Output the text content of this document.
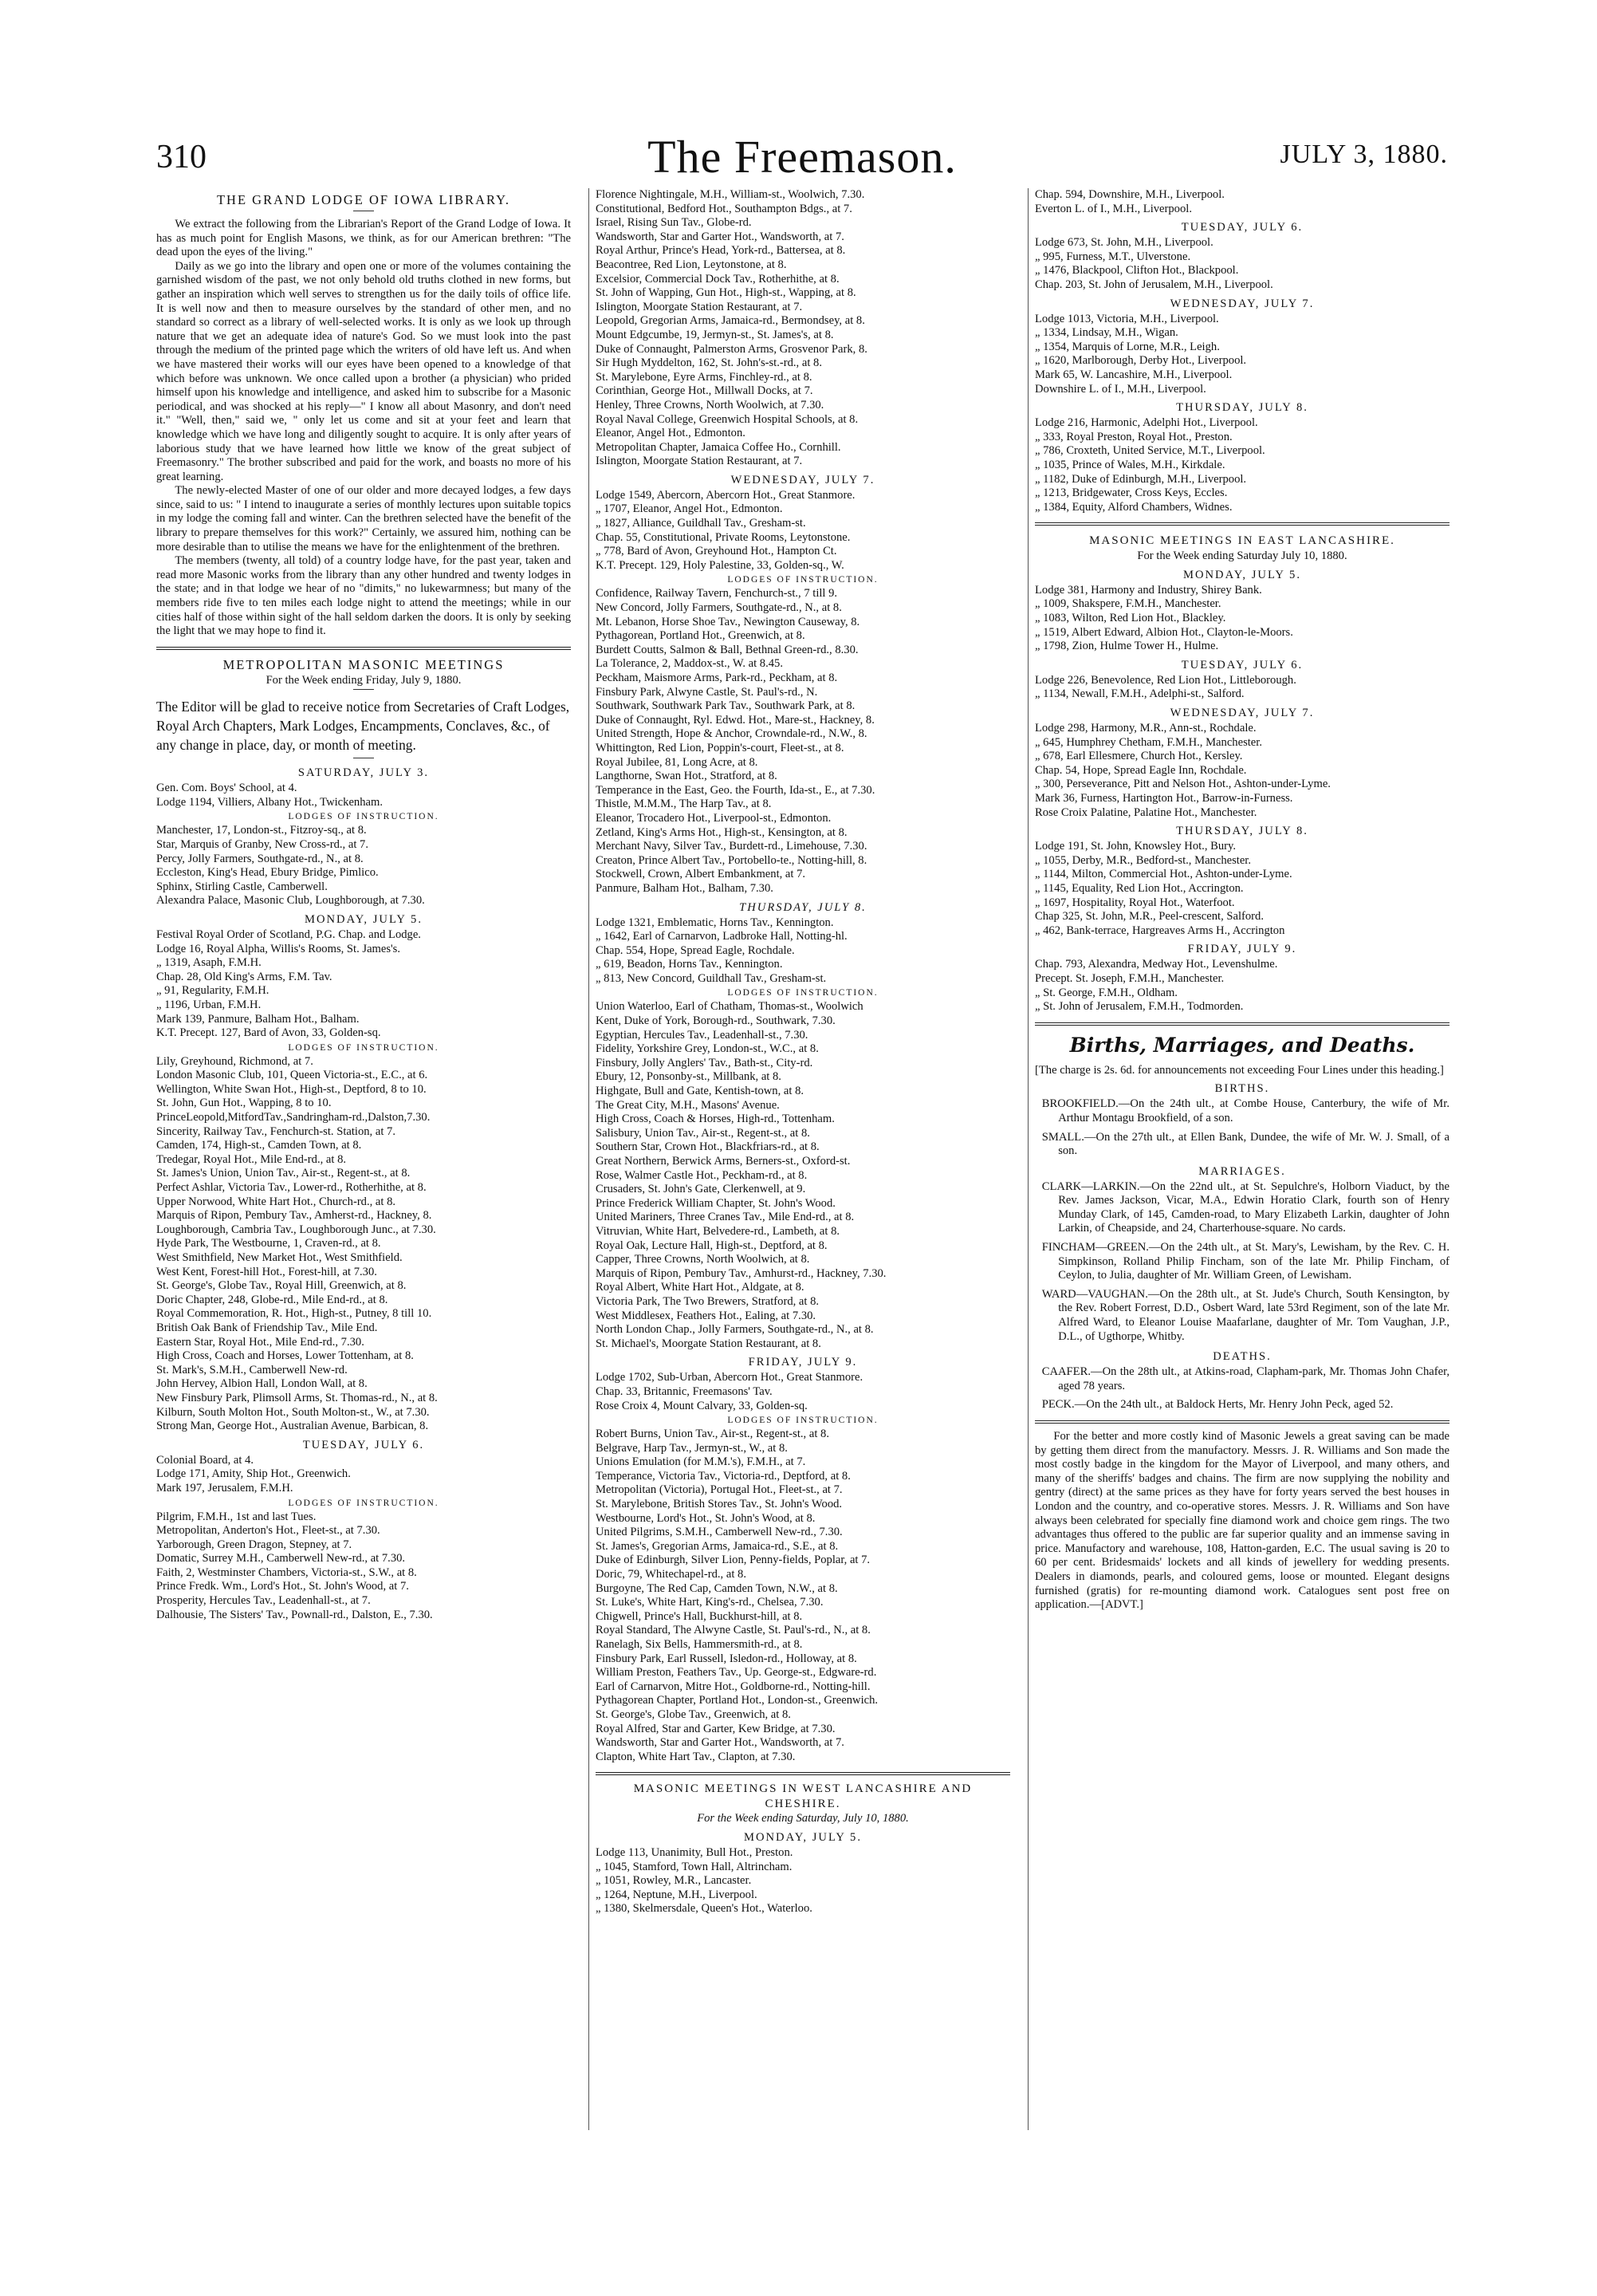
310	The Freemason.	JULY 3, 1880.
THE GRAND LODGE OF IOWA LIBRARY.

We extract the following from the Librarian's Report of the Grand Lodge of Iowa. It has as much point for English Masons, we think, as for our American brethren: "The dead upon the eyes of the living."

Daily as we go into the library and open one or more of the volumes containing the garnished wisdom of the past, we not only behold old truths clothed in new forms, but gather an inspiration which well serves to strengthen us for the daily toils of office life. It is well now and then to measure ourselves by the standard of other men, and no standard so correct as a library of well-selected works. It is only as we look up through nature that we get an adequate idea of nature's God. So we must look into the past through the medium of the printed page which the writers of old have left us. And when we have mastered their works will our eyes have been opened to a knowledge of that which before was unknown. We once called upon a brother (a physician) who prided himself upon his knowledge and intelligence, and asked him to subscribe for a Masonic periodical, and was shocked at his reply—" I know all about Masonry, and don't need it." "Well, then," said we, " only let us come and sit at your feet and learn that knowledge which we have long and diligently sought to acquire. It is only after years of laborious study that we have learned how little we know of the great subject of Freemasonry." The brother subscribed and paid for the work, and boasts no more of his great learning.

The newly-elected Master of one of our older and more decayed lodges, a few days since, said to us: " I intend to inaugurate a series of monthly lectures upon suitable topics in my lodge the coming fall and winter. Can the brethren selected have the benefit of the library to prepare themselves for this work?" Certainly, we assured him, nothing can be more desirable than to utilise the means we have for the enlightenment of the brethren.

The members (twenty, all told) of a country lodge have, for the past year, taken and read more Masonic works from the library than any other hundred and twenty lodges in the state; and in that lodge we hear of no "dimits," no lukewarmness; but many of the members ride five to ten miles each lodge night to attend the meetings; while in our cities half of those within sight of the hall seldom darken the doors. It is only by seeking the light that we may hope to find it.

METROPOLITAN MASONIC MEETINGS
For the Week ending Friday, July 9, 1880.
The Editor will be glad to receive notice from Secretaries of Craft Lodges, Royal Arch Chapters, Mark Lodges, Encampments, Conclaves, &c., of any change in place, day, or month of meeting.
SATURDAY, JULY 3.
Gen. Com. Boys' School, at 4.
Lodge 1194, Villiers, Albany Hot., Twickenham.
LODGES OF INSTRUCTION.
Manchester, 17, London-st., Fitzroy-sq., at 8.
Star, Marquis of Granby, New Cross-rd., at 7.
Percy, Jolly Farmers, Southgate-rd., N., at 8.
Eccleston, King's Head, Ebury Bridge, Pimlico.
Sphinx, Stirling Castle, Camberwell.
Alexandra Palace, Masonic Club, Loughborough, at 7.30.
MONDAY, JULY 5.
Festival Royal Order of Scotland, P.G. Chap. and Lodge.
Lodge 16, Royal Alpha, Willis's Rooms, St. James's.
„ 1319, Asaph, F.M.H.
Chap. 28, Old King's Arms, F.M. Tav.
„ 91, Regularity, F.M.H.
„ 1196, Urban, F.M.H.
Mark 139, Panmure, Balham Hot., Balham.
K.T. Precept. 127, Bard of Avon, 33, Golden-sq.
LODGES OF INSTRUCTION.
Lily, Greyhound, Richmond, at 7.
London Masonic Club, 101, Queen Victoria-st., E.C., at 6.
Wellington, White Swan Hot., High-st., Deptford, 8 to 10.
St. John, Gun Hot., Wapping, 8 to 10.
PrinceLeopold,MitfordTav.,Sandringham-rd.,Dalston,7.30.
Sincerity, Railway Tav., Fenchurch-st. Station, at 7.
Camden, 174, High-st., Camden Town, at 8.
Tredegar, Royal Hot., Mile End-rd., at 8.
St. James's Union, Union Tav., Air-st., Regent-st., at 8.
Perfect Ashlar, Victoria Tav., Lower-rd., Rotherhithe, at 8.
Upper Norwood, White Hart Hot., Church-rd., at 8.
Marquis of Ripon, Pembury Tav., Amherst-rd., Hackney, 8.
Loughborough, Cambria Tav., Loughborough Junc., at 7.30.
Hyde Park, The Westbourne, 1, Craven-rd., at 8.
West Smithfield, New Market Hot., West Smithfield.
West Kent, Forest-hill Hot., Forest-hill, at 7.30.
St. George's, Globe Tav., Royal Hill, Greenwich, at 8.
Doric Chapter, 248, Globe-rd., Mile End-rd., at 8.
Royal Commemoration, R. Hot., High-st., Putney, 8 till 10.
British Oak Bank of Friendship Tav., Mile End.
Eastern Star, Royal Hot., Mile End-rd., 7.30.
High Cross, Coach and Horses, Lower Tottenham, at 8.
St. Mark's, S.M.H., Camberwell New-rd.
John Hervey, Albion Hall, London Wall, at 8.
New Finsbury Park, Plimsoll Arms, St. Thomas-rd., N., at 8.
Kilburn, South Molton Hot., South Molton-st., W., at 7.30.
Strong Man, George Hot., Australian Avenue, Barbican, 8.
TUESDAY, JULY 6.
Colonial Board, at 4.
Lodge 171, Amity, Ship Hot., Greenwich.
Mark 197, Jerusalem, F.M.H.
LODGES OF INSTRUCTION.
Pilgrim, F.M.H., 1st and last Tues.
Metropolitan, Anderton's Hot., Fleet-st., at 7.30.
Yarborough, Green Dragon, Stepney, at 7.
Domatic, Surrey M.H., Camberwell New-rd., at 7.30.
Faith, 2, Westminster Chambers, Victoria-st., S.W., at 8.
Prince Fredk. Wm., Lord's Hot., St. John's Wood, at 7.
Prosperity, Hercules Tav., Leadenhall-st., at 7.
Dalhousie, The Sisters' Tav., Pownall-rd., Dalston, E., 7.30.
Florence Nightingale, M.H., William-st., Woolwich, 7.30.
Constitutional, Bedford Hot., Southampton Bdgs., at 7.
Israel, Rising Sun Tav., Globe-rd.
Wandsworth, Star and Garter Hot., Wandsworth, at 7.
Royal Arthur, Prince's Head, York-rd., Battersea, at 8.
Beacontree, Red Lion, Leytonstone, at 8.
Excelsior, Commercial Dock Tav., Rotherhithe, at 8.
St. John of Wapping, Gun Hot., High-st., Wapping, at 8.
Islington, Moorgate Station Restaurant, at 7.
Leopold, Gregorian Arms, Jamaica-rd., Bermondsey, at 8.
Mount Edgcumbe, 19, Jermyn-st., St. James's, at 8.
Duke of Connaught, Palmerston Arms, Grosvenor Park, 8.
Sir Hugh Myddelton, 162, St. John's-st.-rd., at 8.
St. Marylebone, Eyre Arms, Finchley-rd., at 8.
Corinthian, George Hot., Millwall Docks, at 7.
Henley, Three Crowns, North Woolwich, at 7.30.
Royal Naval College, Greenwich Hospital Schools, at 8.
Eleanor, Angel Hot., Edmonton.
Metropolitan Chapter, Jamaica Coffee Ho., Cornhill.
Islington, Moorgate Station Restaurant, at 7.
WEDNESDAY, JULY 7.
Lodge 1549, Abercorn, Abercorn Hot., Great Stanmore.
„ 1707, Eleanor, Angel Hot., Edmonton.
„ 1827, Alliance, Guildhall Tav., Gresham-st.
Chap. 55, Constitutional, Private Rooms, Leytonstone.
„ 778, Bard of Avon, Greyhound Hot., Hampton Ct.
K.T. Precept. 129, Holy Palestine, 33, Golden-sq., W.
LODGES OF INSTRUCTION.
Confidence, Railway Tavern, Fenchurch-st., 7 till 9.
New Concord, Jolly Farmers, Southgate-rd., N., at 8.
Mt. Lebanon, Horse Shoe Tav., Newington Causeway, 8.
Pythagorean, Portland Hot., Greenwich, at 8.
Burdett Coutts, Salmon & Ball, Bethnal Green-rd., 8.30.
La Tolerance, 2, Maddox-st., W. at 8.45.
Peckham, Maismore Arms, Park-rd., Peckham, at 8.
Finsbury Park, Alwyne Castle, St. Paul's-rd., N.
Southwark, Southwark Park Tav., Southwark Park, at 8.
Duke of Connaught, Ryl. Edwd. Hot., Mare-st., Hackney, 8.
United Strength, Hope & Anchor, Crowndale-rd., N.W., 8.
Whittington, Red Lion, Poppin's-court, Fleet-st., at 8.
Royal Jubilee, 81, Long Acre, at 8.
Langthorne, Swan Hot., Stratford, at 8.
Temperance in the East, Geo. the Fourth, Ida-st., E., at 7.30.
Thistle, M.M.M., The Harp Tav., at 8.
Eleanor, Trocadero Hot., Liverpool-st., Edmonton.
Zetland, King's Arms Hot., High-st., Kensington, at 8.
Merchant Navy, Silver Tav., Burdett-rd., Limehouse, 7.30.
Creaton, Prince Albert Tav., Portobello-te., Notting-hill, 8.
Stockwell, Crown, Albert Embankment, at 7.
Panmure, Balham Hot., Balham, 7.30.
THURSDAY, JULY 8.
Lodge 1321, Emblematic, Horns Tav., Kennington.
„ 1642, Earl of Carnarvon, Ladbroke Hall, Notting-hl.
Chap. 554, Hope, Spread Eagle, Rochdale.
„ 619, Beadon, Horns Tav., Kennington.
„ 813, New Concord, Guildhall Tav., Gresham-st.
LODGES OF INSTRUCTION.
Union Waterloo, Earl of Chatham, Thomas-st., Woolwich
Kent, Duke of York, Borough-rd., Southwark, 7.30.
Egyptian, Hercules Tav., Leadenhall-st., 7.30.
Fidelity, Yorkshire Grey, London-st., W.C., at 8.
Finsbury, Jolly Anglers' Tav., Bath-st., City-rd.
Ebury, 12, Ponsonby-st., Millbank, at 8.
Highgate, Bull and Gate, Kentish-town, at 8.
The Great City, M.H., Masons' Avenue.
High Cross, Coach & Horses, High-rd., Tottenham.
Salisbury, Union Tav., Air-st., Regent-st., at 8.
Southern Star, Crown Hot., Blackfriars-rd., at 8.
Great Northern, Berwick Arms, Berners-st., Oxford-st.
Rose, Walmer Castle Hot., Peckham-rd., at 8.
Crusaders, St. John's Gate, Clerkenwell, at 9.
Prince Frederick William Chapter, St. John's Wood.
United Mariners, Three Cranes Tav., Mile End-rd., at 8.
Vitruvian, White Hart, Belvedere-rd., Lambeth, at 8.
Royal Oak, Lecture Hall, High-st., Deptford, at 8.
Capper, Three Crowns, North Woolwich, at 8.
Marquis of Ripon, Pembury Tav., Amhurst-rd., Hackney, 7.30.
Royal Albert, White Hart Hot., Aldgate, at 8.
Victoria Park, The Two Brewers, Stratford, at 8.
West Middlesex, Feathers Hot., Ealing, at 7.30.
North London Chap., Jolly Farmers, Southgate-rd., N., at 8.
St. Michael's, Moorgate Station Restaurant, at 8.
FRIDAY, JULY 9.
Lodge 1702, Sub-Urban, Abercorn Hot., Great Stanmore.
Chap. 33, Britannic, Freemasons' Tav.
Rose Croix 4, Mount Calvary, 33, Golden-sq.
LODGES OF INSTRUCTION.
Robert Burns, Union Tav., Air-st., Regent-st., at 8.
Belgrave, Harp Tav., Jermyn-st., W., at 8.
Unions Emulation (for M.M.'s), F.M.H., at 7.
Temperance, Victoria Tav., Victoria-rd., Deptford, at 8.
Metropolitan (Victoria), Portugal Hot., Fleet-st., at 7.
St. Marylebone, British Stores Tav., St. John's Wood.
Westbourne, Lord's Hot., St. John's Wood, at 8.
United Pilgrims, S.M.H., Camberwell New-rd., 7.30.
St. James's, Gregorian Arms, Jamaica-rd., S.E., at 8.
Duke of Edinburgh, Silver Lion, Penny-fields, Poplar, at 7.
Doric, 79, Whitechapel-rd., at 8.
Burgoyne, The Red Cap, Camden Town, N.W., at 8.
St. Luke's, White Hart, King's-rd., Chelsea, 7.30.
Chigwell, Prince's Hall, Buckhurst-hill, at 8.
Royal Standard, The Alwyne Castle, St. Paul's-rd., N., at 8.
Ranelagh, Six Bells, Hammersmith-rd., at 8.
Finsbury Park, Earl Russell, Isledon-rd., Holloway, at 8.
William Preston, Feathers Tav., Up. George-st., Edgware-rd.
Earl of Carnarvon, Mitre Hot., Goldborne-rd., Notting-hill.
Pythagorean Chapter, Portland Hot., London-st., Greenwich.
St. George's, Globe Tav., Greenwich, at 8.
Royal Alfred, Star and Garter, Kew Bridge, at 7.30.
Wandsworth, Star and Garter Hot., Wandsworth, at 7.
Clapton, White Hart Tav., Clapton, at 7.30.
MASONIC MEETINGS IN WEST LANCASHIRE AND CHESHIRE.
For the Week ending Saturday, July 10, 1880.
MONDAY, JULY 5.
Lodge 113, Unanimity, Bull Hot., Preston.
„ 1045, Stamford, Town Hall, Altrincham.
„ 1051, Rowley, M.R., Lancaster.
„ 1264, Neptune, M.H., Liverpool.
„ 1380, Skelmersdale, Queen's Hot., Waterloo.
Chap. 594, Downshire, M.H., Liverpool.
Everton L. of I., M.H., Liverpool.
TUESDAY, JULY 6.
Lodge 673, St. John, M.H., Liverpool.
„ 995, Furness, M.T., Ulverstone.
„ 1476, Blackpool, Clifton Hot., Blackpool.
Chap. 203, St. John of Jerusalem, M.H., Liverpool.
WEDNESDAY, JULY 7.
Lodge 1013, Victoria, M.H., Liverpool.
„ 1334, Lindsay, M.H., Wigan.
„ 1354, Marquis of Lorne, M.R., Leigh.
„ 1620, Marlborough, Derby Hot., Liverpool.
Mark 65, W. Lancashire, M.H., Liverpool.
Downshire L. of I., M.H., Liverpool.
THURSDAY, JULY 8.
Lodge 216, Harmonic, Adelphi Hot., Liverpool.
„ 333, Royal Preston, Royal Hot., Preston.
„ 786, Croxteth, United Service, M.T., Liverpool.
„ 1035, Prince of Wales, M.H., Kirkdale.
„ 1182, Duke of Edinburgh, M.H., Liverpool.
„ 1213, Bridgewater, Cross Keys, Eccles.
„ 1384, Equity, Alford Chambers, Widnes.
MASONIC MEETINGS IN EAST LANCASHIRE.
For the Week ending Saturday July 10, 1880.
MONDAY, JULY 5.
Lodge 381, Harmony and Industry, Shirey Bank.
„ 1009, Shakspere, F.M.H., Manchester.
„ 1083, Wilton, Red Lion Hot., Blackley.
„ 1519, Albert Edward, Albion Hot., Clayton-le-Moors.
„ 1798, Zion, Hulme Tower H., Hulme.
TUESDAY, JULY 6.
Lodge 226, Benevolence, Red Lion Hot., Littleborough.
„ 1134, Newall, F.M.H., Adelphi-st., Salford.
WEDNESDAY, JULY 7.
Lodge 298, Harmony, M.R., Ann-st., Rochdale.
„ 645, Humphrey Chetham, F.M.H., Manchester.
„ 678, Earl Ellesmere, Church Hot., Kersley.
Chap. 54, Hope, Spread Eagle Inn, Rochdale.
„ 300, Perseverance, Pitt and Nelson Hot., Ashton-under-Lyme.
Mark 36, Furness, Hartington Hot., Barrow-in-Furness.
Rose Croix Palatine, Palatine Hot., Manchester.
THURSDAY, JULY 8.
Lodge 191, St. John, Knowsley Hot., Bury.
„ 1055, Derby, M.R., Bedford-st., Manchester.
„ 1144, Milton, Commercial Hot., Ashton-under-Lyme.
„ 1145, Equality, Red Lion Hot., Accrington.
„ 1697, Hospitality, Royal Hot., Waterfoot.
Chap 325, St. John, M.R., Peel-crescent, Salford.
„ 462, Bank-terrace, Hargreaves Arms H., Accrington
FRIDAY, JULY 9.
Chap. 793, Alexandra, Medway Hot., Levenshulme.
Precept. St. Joseph, F.M.H., Manchester.
„ St. George, F.M.H., Oldham.
„ St. John of Jerusalem, F.M.H., Todmorden.
Births, Marriages, and Deaths.
[The charge is 2s. 6d. for announcements not exceeding Four Lines under this heading.]
BIRTHS.
BROOKFIELD.—On the 24th ult., at Combe House, Canterbury, the wife of Mr. Arthur Montagu Brookfield, of a son.
SMALL.—On the 27th ult., at Ellen Bank, Dundee, the wife of Mr. W. J. Small, of a son.
MARRIAGES.
CLARK—LARKIN.—On the 22nd ult., at St. Sepulchre's, Holborn Viaduct, by the Rev. James Jackson, Vicar, M.A., Edwin Horatio Clark, fourth son of Henry Munday Clark, of 145, Camden-road, to Mary Elizabeth Larkin, daughter of John Larkin, of Cheapside, and 24, Charterhouse-square. No cards.
FINCHAM—GREEN.—On the 24th ult., at St. Mary's, Lewisham, by the Rev. C. H. Simpkinson, Rolland Philip Fincham, son of the late Mr. Philip Fincham, of Ceylon, to Julia, daughter of Mr. William Green, of Lewisham.
WARD—VAUGHAN.—On the 28th ult., at St. Jude's Church, South Kensington, by the Rev. Robert Forrest, D.D., Osbert Ward, late 53rd Regiment, son of the late Mr. Alfred Ward, to Eleanor Louise Maafarlane, daughter of Mr. Tom Vaughan, J.P., D.L., of Ugthorpe, Whitby.
DEATHS.
CAAFER.—On the 28th ult., at Atkins-road, Clapham-park, Mr. Thomas John Chafer, aged 78 years.
PECK.—On the 24th ult., at Baldock Herts, Mr. Henry John Peck, aged 52.
For the better and more costly kind of Masonic Jewels a great saving can be made by getting them direct from the manufactory. Messrs. J. R. Williams and Son made the most costly badge in the kingdom for the Mayor of Liverpool, and many others, and many of the sheriffs' badges and chains. The firm are now supplying the nobility and gentry (direct) at the same prices as they have for forty years served the best houses in London and the country, and co-operative stores. Messrs. J. R. Williams and Son have always been celebrated for specially fine diamond work and choice gem rings. The two advantages thus offered to the public are far superior quality and an immense saving in price. Manufactory and warehouse, 108, Hatton-garden, E.C. The usual saving is 20 to 60 per cent. Bridesmaids' lockets and all kinds of jewellery for wedding presents. Dealers in diamonds, pearls, and coloured gems, loose or mounted. Elegant designs furnished (gratis) for re-mounting diamond work. Catalogues sent post free on application.—[ADVT.]
